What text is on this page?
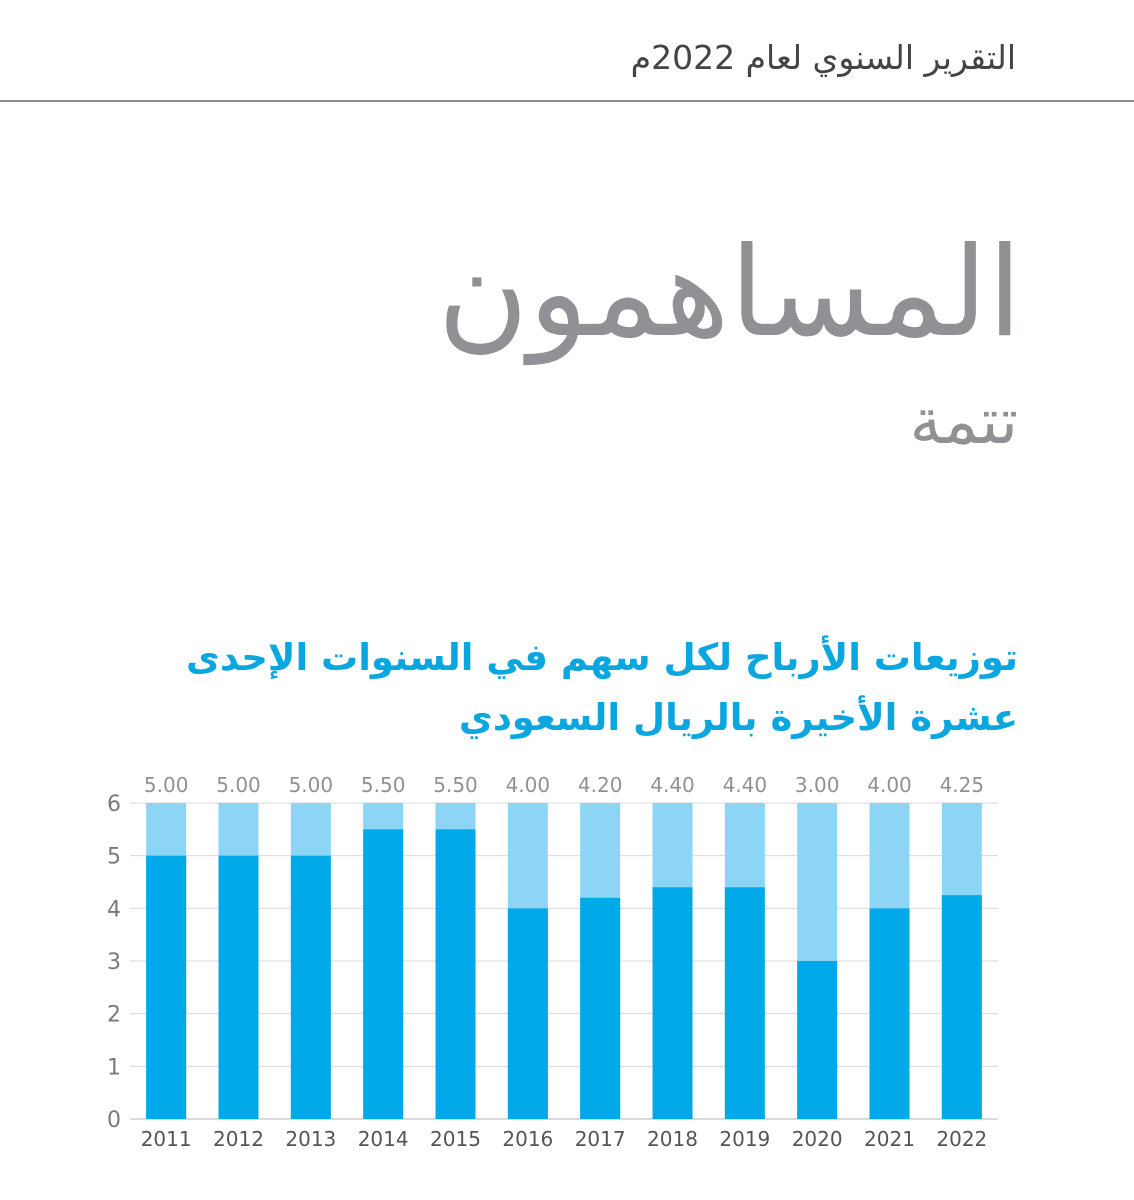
التقرير السنوي لعام 2022م
المساهمون
تتمة
توزيعات الأرباح لكل سهم في السنوات الإحدى
عشرة الأخيرة بالريال السعودي
0
1
2
3
4
5
6
5.00
2011
5.00
2012
5.00
2013
5.50
2014
5.50
2015
4.00
2016
4.20
2017
4.40
2018
4.40
2019
3.00
2020
4.00
2021
4.25
2022
